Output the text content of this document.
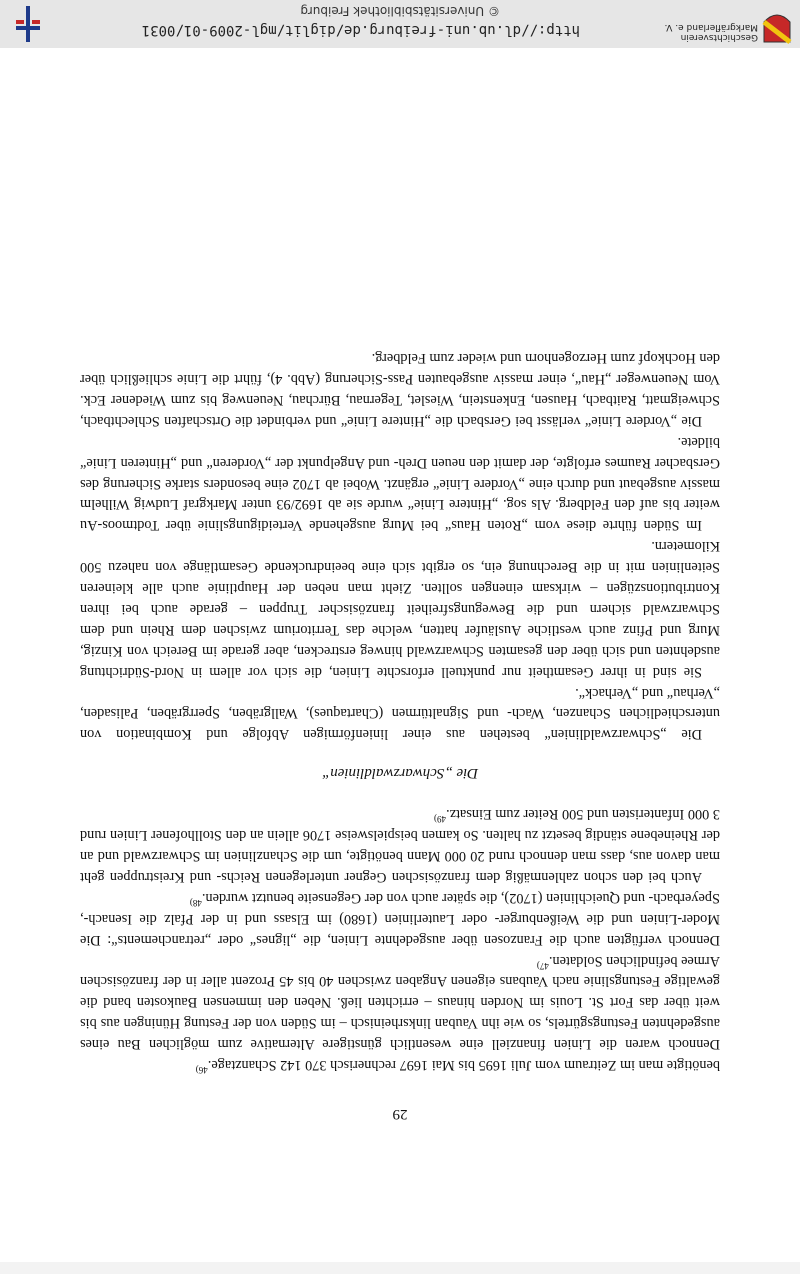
29

benötigte man im Zeitraum vom Juli 1695 bis Mai 1697 rechnerisch 370 142 Schanztage.$^{46)}$

Dennoch waren die Linien finanziell eine wesentlich günstigere Alternative zum möglichen Bau eines ausgedehnten Festungsgürtels, so wie ihn Vauban linksrheinisch – im Süden von der Festung Hüningen aus bis weit über das Fort St. Louis im Norden hinaus – errichten ließ. Neben den immensen Baukosten band die gewaltige Festungslinie nach Vaubans eigenen Angaben zwischen 40 bis 45 Prozent aller in der französischen Armee befindlichen Soldaten.$^{47)}$

Dennoch verfügten auch die Franzosen über ausgedehnte Linien, die „lignes“ oder „retranchements“: Die Moder-Linien und die Weißenburger- oder Lauterlinien (1680) im Elsass und in der Pfalz die Isenach-, Speyerbach- und Queichlinien (1702), die später auch von der Gegenseite benutzt wurden.$^{48)}$

Auch bei den schon zahlenmäßig dem französischen Gegner unterlegenen Reichs- und Kreistruppen geht man davon aus, dass man dennoch rund 20 000 Mann benötigte, um die Schanzlinien im Schwarzwald und an der Rheinebene ständig besetzt zu halten. So kamen beispielsweise 1706 allein an den Stollhofener Linien rund 3 000 Infanteristen und 500 Reiter zum Einsatz.$^{49)}$

Die „Schwarzwaldlinien“

Die „Schwarzwaldlinien“ bestehen aus einer linienförmigen Abfolge und Kombination von unterschiedlichen Schanzen, Wach- und Signaltürmen (Chartaques), Wallgräben, Sperrgräben, Palisaden, „Verhau“ und „Verhack“.

Sie sind in ihrer Gesamtheit nur punktuell erforschte Linien, die sich vor allem in Nord-Südrichtung ausdehnten und sich über den gesamten Schwarzwald hinweg erstrecken, aber gerade im Bereich von Kinzig, Murg und Pfinz auch westliche Ausläufer hatten, welche das Territorium zwischen dem Rhein und dem Schwarzwald sichern und die Bewegungsfreiheit französischer Truppen – gerade auch bei ihren Kontributionszügen – wirksam einengen sollten. Zieht man neben der Hauptlinie auch alle kleineren Seitenlinien mit in die Berechnung ein, so ergibt sich eine beeindruckende Gesamtlänge von nahezu 500 Kilometern.

Im Süden führte diese vom „Roten Haus“ bei Murg ausgehende Verteidigungslinie über Todtmoos-Au weiter bis auf den Feldberg. Als sog. „Hintere Linie“ wurde sie ab 1692/93 unter Markgraf Ludwig Wilhelm massiv ausgebaut und durch eine „Vordere Linie“ ergänzt. Wobei ab 1702 eine besonders starke Sicherung des Gersbacher Raumes erfolgte, der damit den neuen Dreh- und Angelpunkt der „Vorderen“ und „Hinteren Linie“ bildete.

Die „Vordere Linie“ verlässt bei Gersbach die „Hintere Linie“ und verbindet die Ortschaften Schlechtbach, Schweigmatt, Raitbach, Hausen, Enkenstein, Wieslet, Tegernau, Bürchau, Neuenweg bis zum Wiedener Eck. Vom Neuenweger „Hau“, einer massiv ausgebauten Pass-Sicherung (Abb. 4), führt die Linie schließlich über den Hochkopf zum Herzogenhorn und wieder zum Feldberg.

Geschichtsverein
Markgräflerland e. V.
http://dl.ub.uni-freiburg.de/diglit/mgl-2009-01/0031
© Universitätsbibliothek Freiburg
